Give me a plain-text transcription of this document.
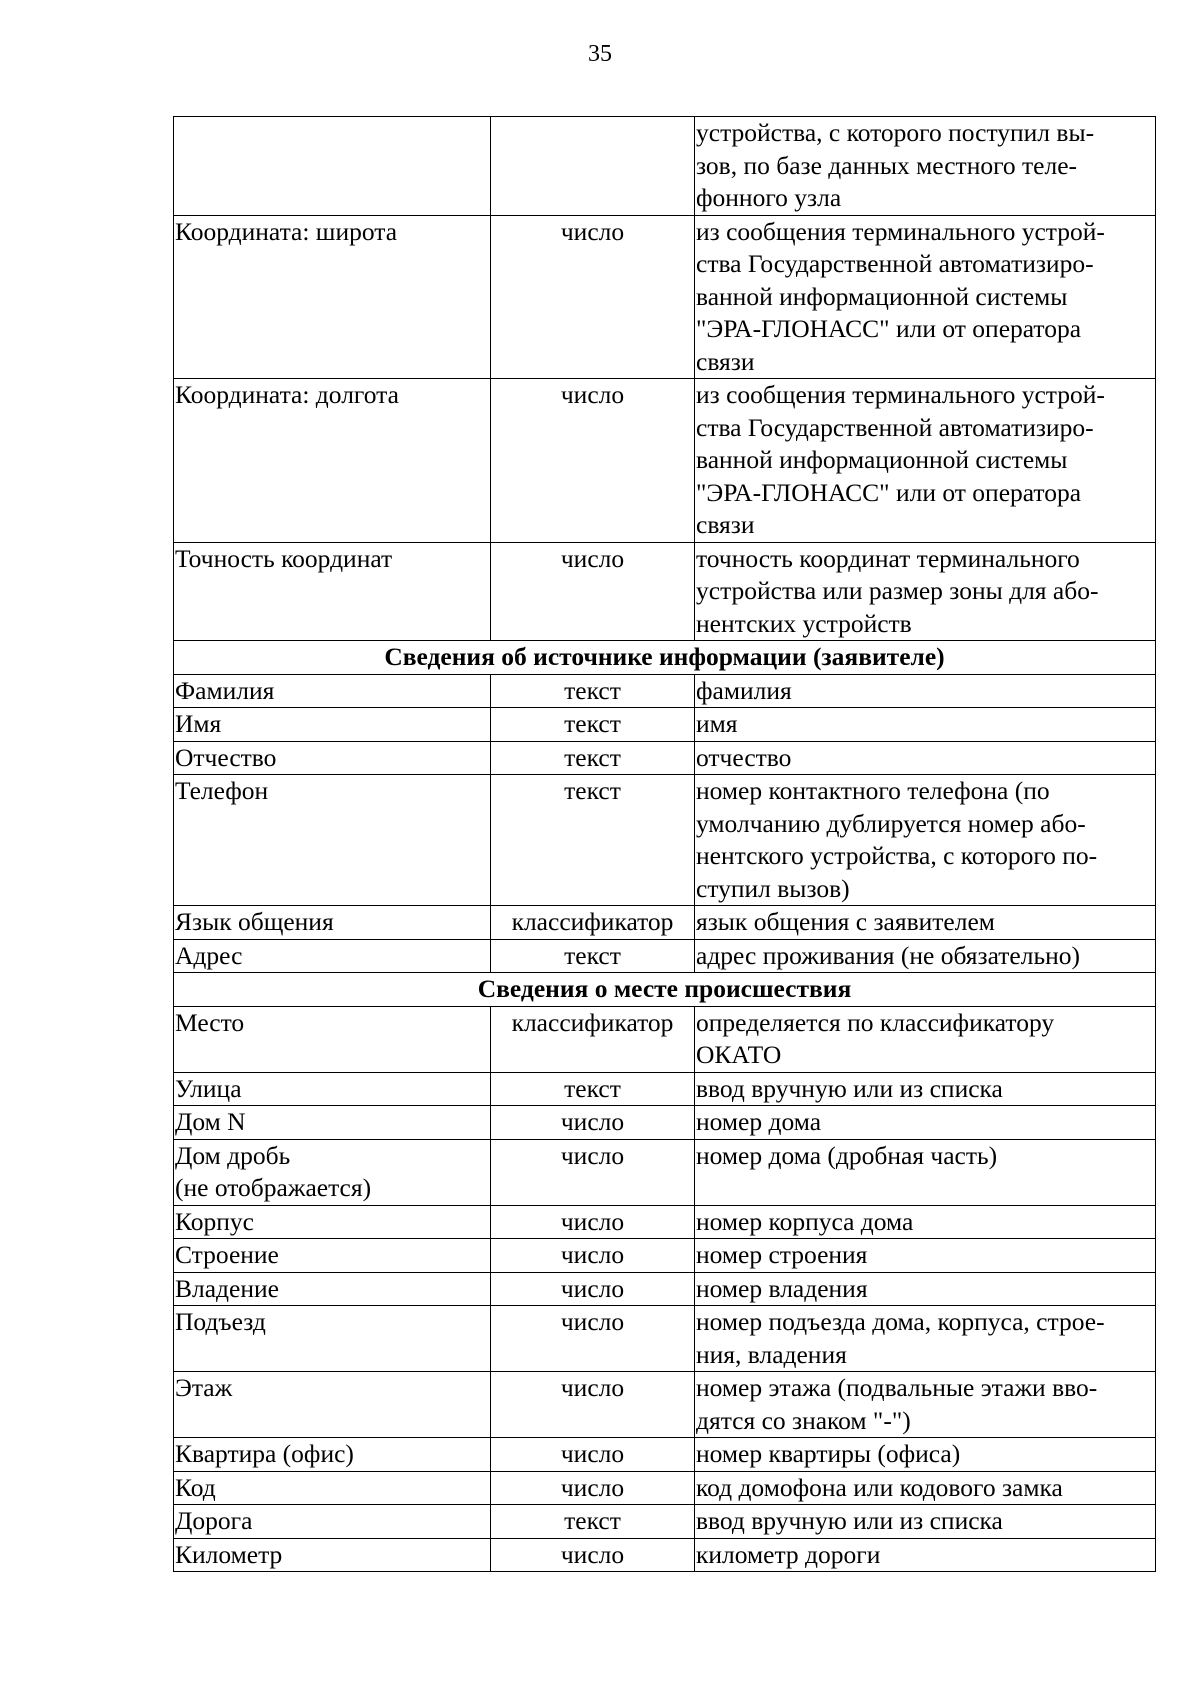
35

		устройства, с которого поступил вы-
зов, по базе данных местного теле-
фонного узла

Координата: широта	число	из сообщения терминального устрой-
ства Государственной автоматизиро-
ванной информационной системы
"ЭРА-ГЛОНАСС" или от оператора
связи

Координата: долгота	число	из сообщения терминального устрой-
ства Государственной автоматизиро-
ванной информационной системы
"ЭРА-ГЛОНАСС" или от оператора
связи

Точность координат	число	точность координат терминального
устройства или размер зоны для або-
нентских устройств

Сведения об источнике информации (заявителе)		

Фамилия	текст	фамилия

Имя	текст	имя

Отчество	текст	отчество

Телефон	текст	номер контактного телефона (по
умолчанию дублируется номер або-
нентского устройства, с которого по-
ступил вызов)

Язык общения	классификатор	язык общения с заявителем

Адрес	текст	адрес проживания (не обязательно)

Сведения о месте происшествия		

Место	классификатор	определяется по классификатору
ОКАТО

Улица	текст	ввод вручную или из списка

Дом N	число	номер дома

Дом дробь
(не отображается)	число	номер дома (дробная часть)

Корпус	число	номер корпуса дома

Строение	число	номер строения

Владение	число	номер владения

Подъезд	число	номер подъезда дома, корпуса, строе-
ния, владения

Этаж	число	номер этажа (подвальные этажи вво-
дятся со знаком "-")

Квартира (офис)	число	номер квартиры (офиса)

Код	число	код домофона или кодового замка

Дорога	текст	ввод вручную или из списка

Километр	число	километр дороги
